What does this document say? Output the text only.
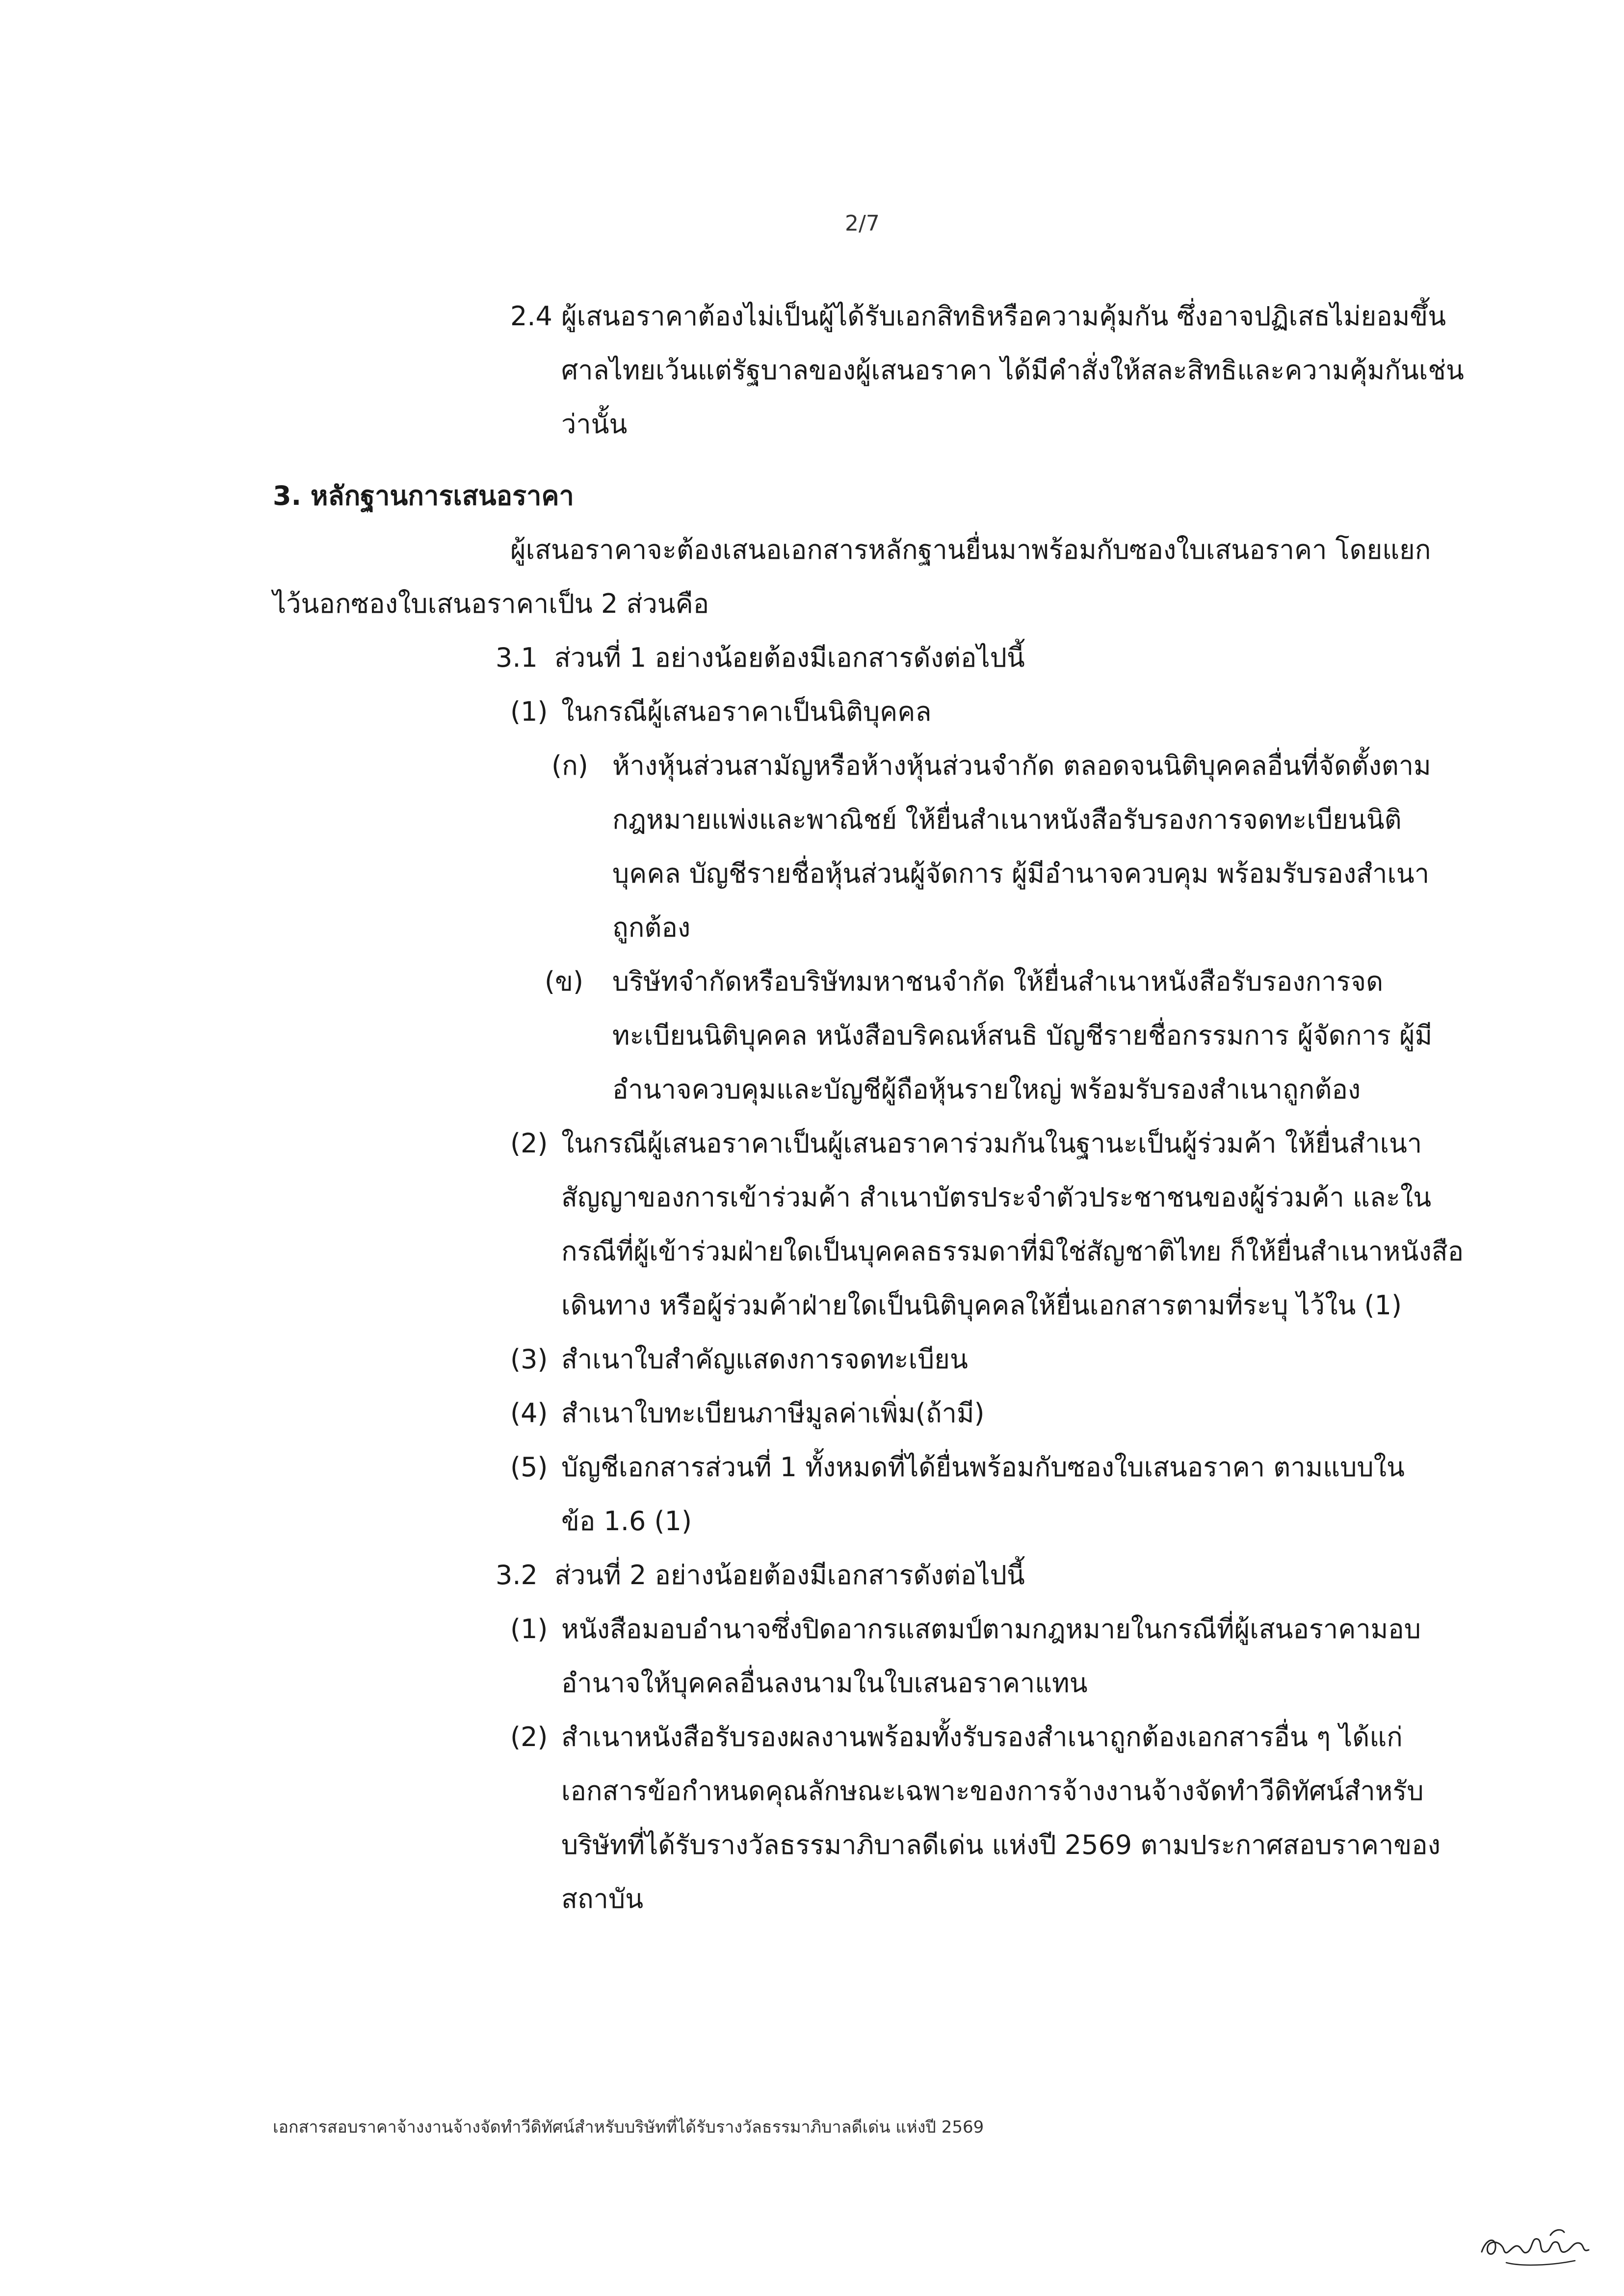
2/7
2.4 ผู้เสนอราคาต้องไม่เป็นผู้ได้รับเอกสิทธิหรือความคุ้มกัน ซึ่งอาจปฏิเสธไม่ยอมขึ้น
ศาลไทยเว้นแต่รัฐบาลของผู้เสนอราคา ได้มีคำสั่งให้สละสิทธิและความคุ้มกันเช่น
ว่านั้น
3. หลักฐานการเสนอราคา
ผู้เสนอราคาจะต้องเสนอเอกสารหลักฐานยื่นมาพร้อมกับซองใบเสนอราคา โดยแยก
ไว้นอกซองใบเสนอราคาเป็น 2 ส่วนคือ
3.1 ส่วนที่ 1 อย่างน้อยต้องมีเอกสารดังต่อไปนี้
(1) ในกรณีผู้เสนอราคาเป็นนิติบุคคล
(ก) ห้างหุ้นส่วนสามัญหรือห้างหุ้นส่วนจำกัด ตลอดจนนิติบุคคลอื่นที่จัดตั้งตาม
กฎหมายแพ่งและพาณิชย์ ให้ยื่นสำเนาหนังสือรับรองการจดทะเบียนนิติ
บุคคล บัญชีรายชื่อหุ้นส่วนผู้จัดการ ผู้มีอำนาจควบคุม พร้อมรับรองสำเนา
ถูกต้อง
(ข) บริษัทจำกัดหรือบริษัทมหาชนจำกัด ให้ยื่นสำเนาหนังสือรับรองการจด
ทะเบียนนิติบุคคล หนังสือบริคณห์สนธิ บัญชีรายชื่อกรรมการ ผู้จัดการ ผู้มี
อำนาจควบคุมและบัญชีผู้ถือหุ้นรายใหญ่ พร้อมรับรองสำเนาถูกต้อง
(2) ในกรณีผู้เสนอราคาเป็นผู้เสนอราคาร่วมกันในฐานะเป็นผู้ร่วมค้า ให้ยื่นสำเนา
สัญญาของการเข้าร่วมค้า สำเนาบัตรประจำตัวประชาชนของผู้ร่วมค้า และใน
กรณีที่ผู้เข้าร่วมฝ่ายใดเป็นบุคคลธรรมดาที่มิใช่สัญชาติไทย ก็ให้ยื่นสำเนาหนังสือ
เดินทาง หรือผู้ร่วมค้าฝ่ายใดเป็นนิติบุคคลให้ยื่นเอกสารตามที่ระบุ ไว้ใน (1)
(3) สำเนาใบสำคัญแสดงการจดทะเบียน
(4) สำเนาใบทะเบียนภาษีมูลค่าเพิ่ม(ถ้ามี)
(5) บัญชีเอกสารส่วนที่ 1 ทั้งหมดที่ได้ยื่นพร้อมกับซองใบเสนอราคา ตามแบบใน
ข้อ 1.6 (1)
3.2 ส่วนที่ 2 อย่างน้อยต้องมีเอกสารดังต่อไปนี้
(1) หนังสือมอบอำนาจซึ่งปิดอากรแสตมป์ตามกฎหมายในกรณีที่ผู้เสนอราคามอบ
อำนาจให้บุคคลอื่นลงนามในใบเสนอราคาแทน
(2) สำเนาหนังสือรับรองผลงานพร้อมทั้งรับรองสำเนาถูกต้องเอกสารอื่น ๆ ได้แก่
เอกสารข้อกำหนดคุณลักษณะเฉพาะของการจ้างงานจ้างจัดทำวีดิทัศน์สำหรับ
บริษัทที่ได้รับรางวัลธรรมาภิบาลดีเด่น แห่งปี 2569 ตามประกาศสอบราคาของ
สถาบัน
เอกสารสอบราคาจ้างงานจ้างจัดทำวีดิทัศน์สำหรับบริษัทที่ได้รับรางวัลธรรมาภิบาลดีเด่น แห่งปี 2569
